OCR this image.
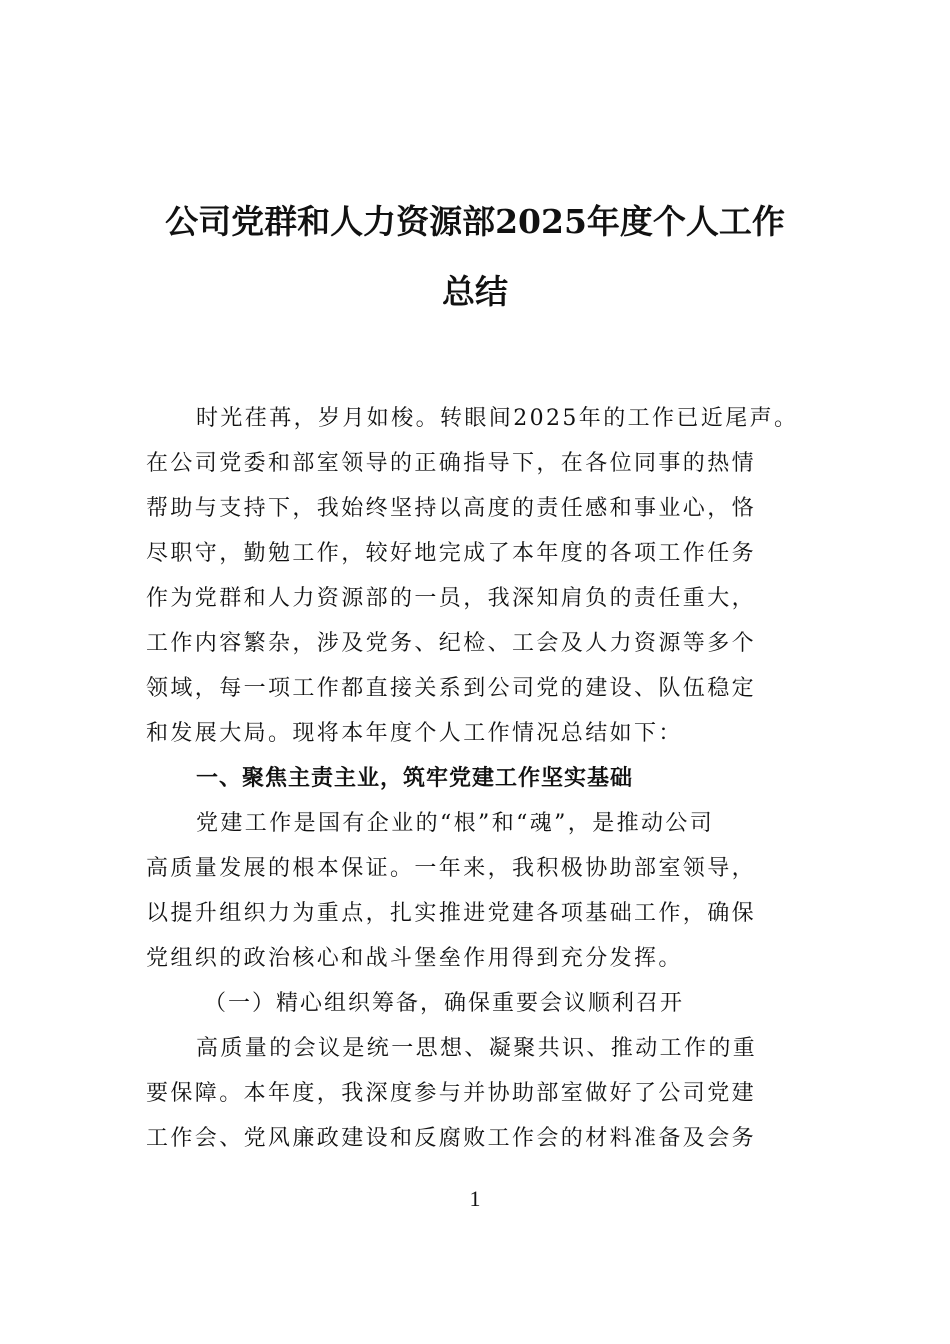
公司党群和人力资源部2025年度个人工作
总结
时光荏苒，岁月如梭。转眼间2025年的工作已近尾声。
在公司党委和部室领导的正确指导下，在各位同事的热情
帮助与支持下，我始终坚持以高度的责任感和事业心，恪
尽职守，勤勉工作，较好地完成了本年度的各项工作任务
作为党群和人力资源部的一员，我深知肩负的责任重大，
工作内容繁杂，涉及党务、纪检、工会及人力资源等多个
领域，每一项工作都直接关系到公司党的建设、队伍稳定
和发展大局。现将本年度个人工作情况总结如下：
一、聚焦主责主业，筑牢党建工作坚实基础
党建工作是国有企业的“根”和“魂”，是推动公司
高质量发展的根本保证。一年来，我积极协助部室领导，
以提升组织力为重点，扎实推进党建各项基础工作，确保
党组织的政治核心和战斗堡垒作用得到充分发挥。
（一）精心组织筹备，确保重要会议顺利召开
高质量的会议是统一思想、凝聚共识、推动工作的重
要保障。本年度，我深度参与并协助部室做好了公司党建
工作会、党风廉政建设和反腐败工作会的材料准备及会务
1
